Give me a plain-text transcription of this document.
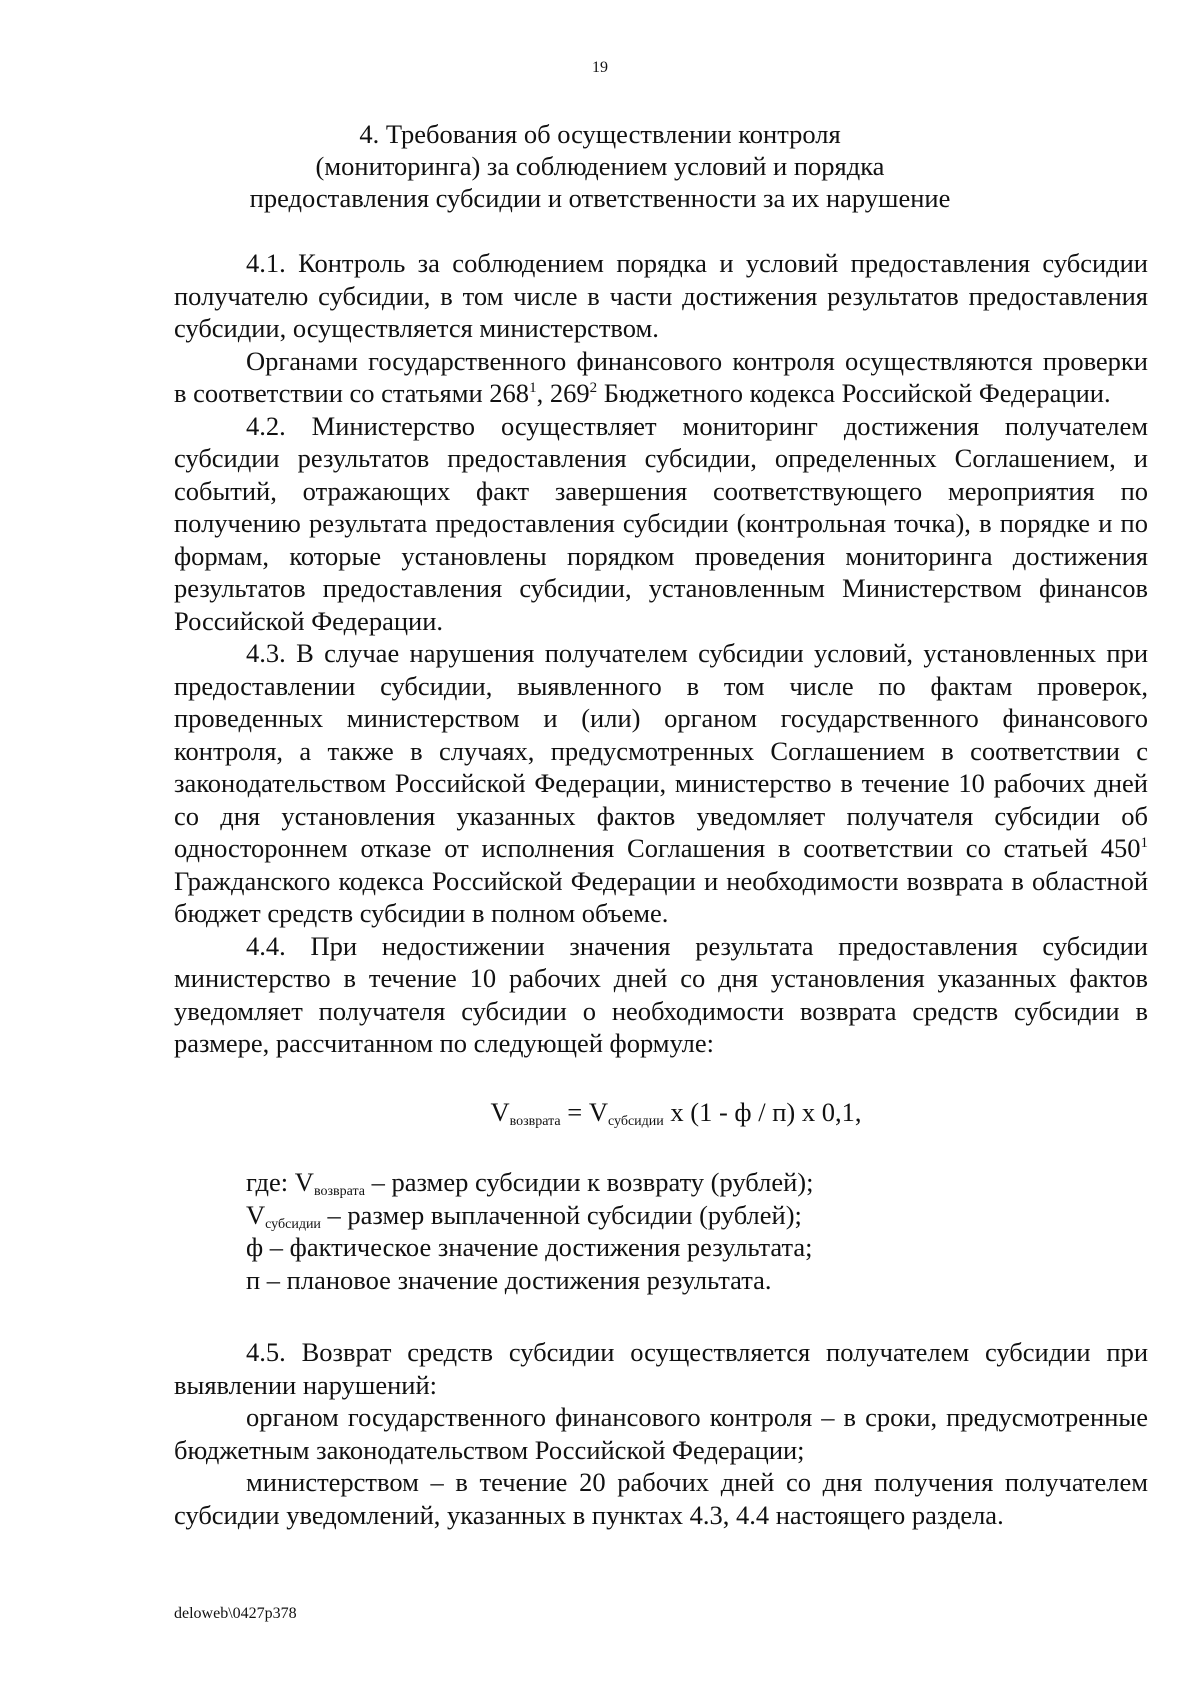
19
4. Требования об осуществлении контроля
(мониторинга) за соблюдением условий и порядка
предоставления субсидии и ответственности за их нарушение

4.1. Контроль за соблюдением порядка и условий предоставления субсидии получателю субсидии, в том числе в части достижения результатов предоставления субсидии, осуществляется министерством.

Органами государственного финансового контроля осуществляются проверки в соответствии со статьями $268^1$, $269^2$ Бюджетного кодекса Российской Федерации.

4.2. Министерство осуществляет мониторинг достижения получателем субсидии результатов предоставления субсидии, определенных Соглашением, и событий, отражающих факт завершения соответствующего мероприятия по получению результата предоставления субсидии (контрольная точка), в порядке и по формам, которые установлены порядком проведения мониторинга достижения результатов предоставления субсидии, установленным Министерством финансов Российской Федерации.

4.3. В случае нарушения получателем субсидии условий, установленных при предоставлении субсидии, выявленного в том числе по фактам проверок, проведенных министерством и (или) органом государственного финансового контроля, а также в случаях, предусмотренных Соглашением в соответствии с законодательством Российской Федерации, министерство в течение 10 рабочих дней со дня установления указанных фактов уведомляет получателя субсидии об одностороннем отказе от исполнения Соглашения в соответствии со статьей $450^1$ Гражданского кодекса Российской Федерации и необходимости возврата в областной бюджет средств субсидии в полном объеме.

4.4. При недостижении значения результата предоставления субсидии министерство в течение 10 рабочих дней со дня установления указанных фактов уведомляет получателя субсидии о необходимости возврата средств субсидии в размере, рассчитанном по следующей формуле:

$V_{возврата} = V_{субсидии}$ х (1 - ф / п) х 0,1,

где: $V_{возврата}$ – размер субсидии к возврату (рублей);

$V_{субсидии}$ – размер выплаченной субсидии (рублей);

ф – фактическое значение достижения результата;

п – плановое значение достижения результата.

4.5. Возврат средств субсидии осуществляется получателем субсидии при выявлении нарушений:

органом государственного финансового контроля – в сроки, предусмотренные бюджетным законодательством Российской Федерации;

министерством – в течение 20 рабочих дней со дня получения получателем субсидии уведомлений, указанных в пунктах 4.3, 4.4 настоящего раздела.

deloweb\0427p378
